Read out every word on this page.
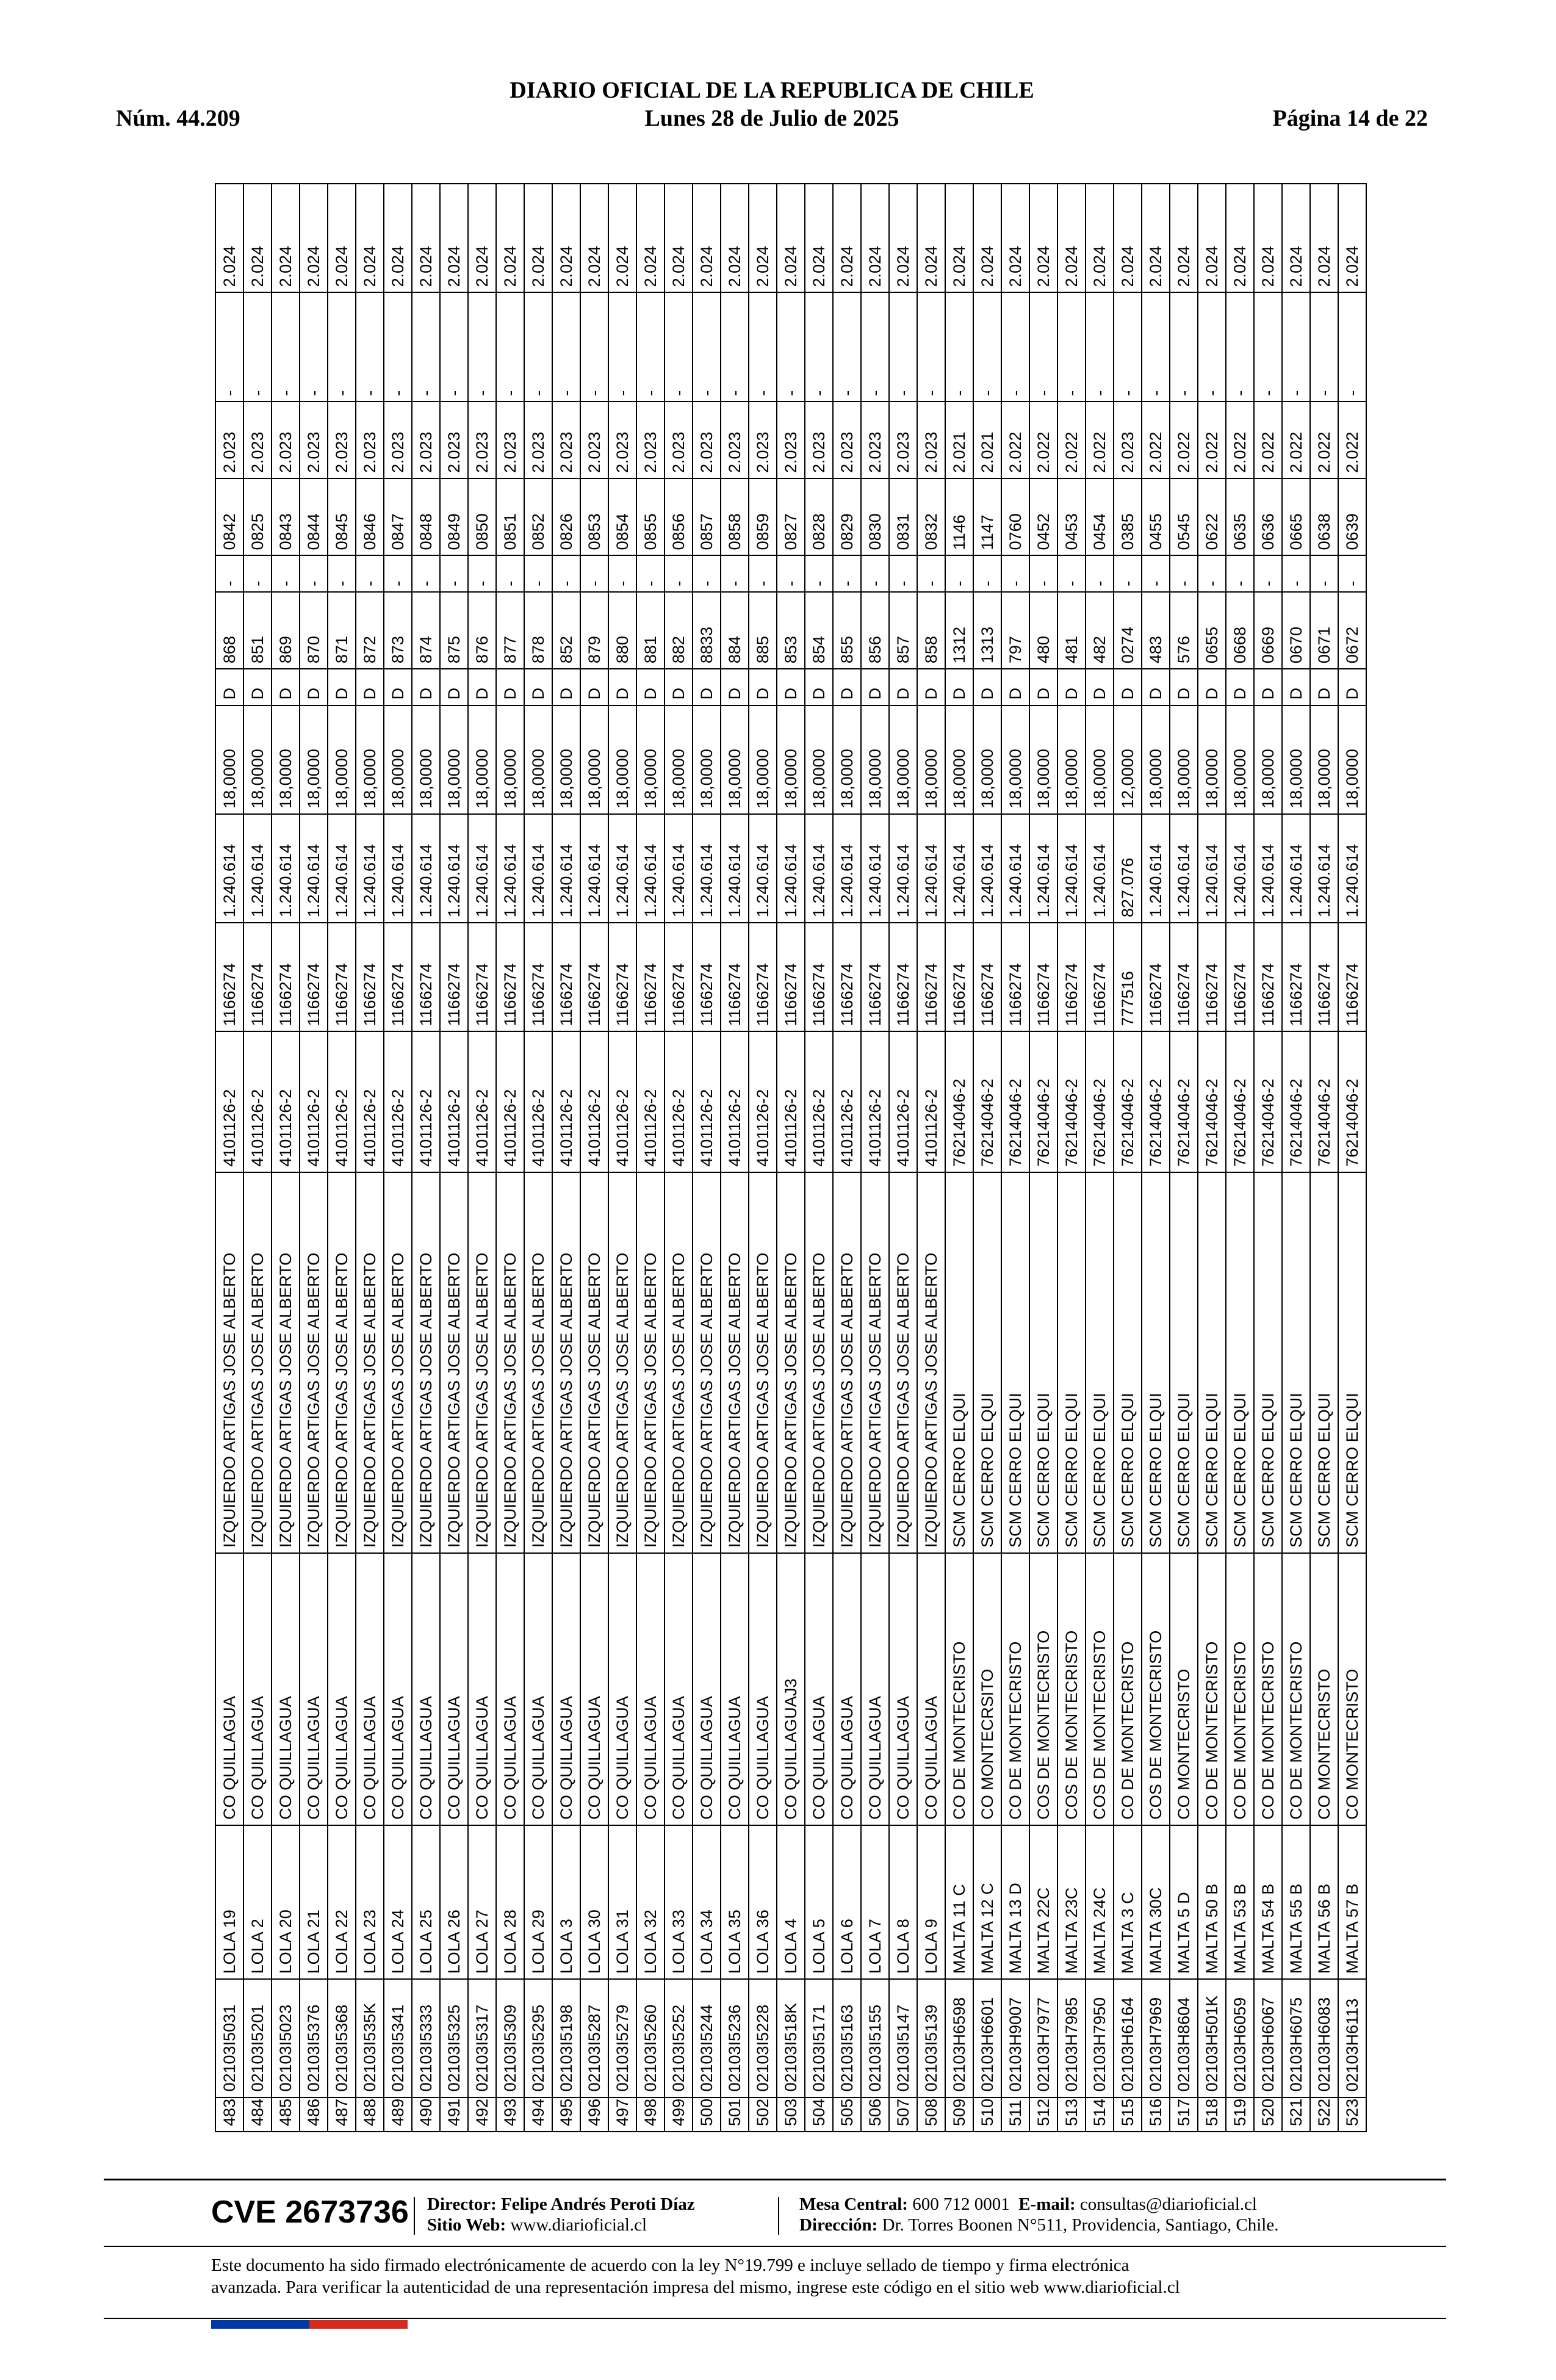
DIARIO OFICIAL DE LA REPUBLICA DE CHILE
Núm. 44.209	Lunes 28 de Julio de 2025	Página 14 de 22
483	02103I5031	LOLA 19	CO QUILLAGUA	IZQUIERDO ARTIGAS JOSE ALBERTO	4101126-2	1166274	1.240.614	18,0000	D	868	-	0842	2.023	-	2.024
484	02103I5201	LOLA 2	CO QUILLAGUA	IZQUIERDO ARTIGAS JOSE ALBERTO	4101126-2	1166274	1.240.614	18,0000	D	851	-	0825	2.023	-	2.024
485	02103I5023	LOLA 20	CO QUILLAGUA	IZQUIERDO ARTIGAS JOSE ALBERTO	4101126-2	1166274	1.240.614	18,0000	D	869	-	0843	2.023	-	2.024
486	02103I5376	LOLA 21	CO QUILLAGUA	IZQUIERDO ARTIGAS JOSE ALBERTO	4101126-2	1166274	1.240.614	18,0000	D	870	-	0844	2.023	-	2.024
487	02103I5368	LOLA 22	CO QUILLAGUA	IZQUIERDO ARTIGAS JOSE ALBERTO	4101126-2	1166274	1.240.614	18,0000	D	871	-	0845	2.023	-	2.024
488	02103I535K	LOLA 23	CO QUILLAGUA	IZQUIERDO ARTIGAS JOSE ALBERTO	4101126-2	1166274	1.240.614	18,0000	D	872	-	0846	2.023	-	2.024
489	02103I5341	LOLA 24	CO QUILLAGUA	IZQUIERDO ARTIGAS JOSE ALBERTO	4101126-2	1166274	1.240.614	18,0000	D	873	-	0847	2.023	-	2.024
490	02103I5333	LOLA 25	CO QUILLAGUA	IZQUIERDO ARTIGAS JOSE ALBERTO	4101126-2	1166274	1.240.614	18,0000	D	874	-	0848	2.023	-	2.024
491	02103I5325	LOLA 26	CO QUILLAGUA	IZQUIERDO ARTIGAS JOSE ALBERTO	4101126-2	1166274	1.240.614	18,0000	D	875	-	0849	2.023	-	2.024
492	02103I5317	LOLA 27	CO QUILLAGUA	IZQUIERDO ARTIGAS JOSE ALBERTO	4101126-2	1166274	1.240.614	18,0000	D	876	-	0850	2.023	-	2.024
493	02103I5309	LOLA 28	CO QUILLAGUA	IZQUIERDO ARTIGAS JOSE ALBERTO	4101126-2	1166274	1.240.614	18,0000	D	877	-	0851	2.023	-	2.024
494	02103I5295	LOLA 29	CO QUILLAGUA	IZQUIERDO ARTIGAS JOSE ALBERTO	4101126-2	1166274	1.240.614	18,0000	D	878	-	0852	2.023	-	2.024
495	02103I5198	LOLA 3	CO QUILLAGUA	IZQUIERDO ARTIGAS JOSE ALBERTO	4101126-2	1166274	1.240.614	18,0000	D	852	-	0826	2.023	-	2.024
496	02103I5287	LOLA 30	CO QUILLAGUA	IZQUIERDO ARTIGAS JOSE ALBERTO	4101126-2	1166274	1.240.614	18,0000	D	879	-	0853	2.023	-	2.024
497	02103I5279	LOLA 31	CO QUILLAGUA	IZQUIERDO ARTIGAS JOSE ALBERTO	4101126-2	1166274	1.240.614	18,0000	D	880	-	0854	2.023	-	2.024
498	02103I5260	LOLA 32	CO QUILLAGUA	IZQUIERDO ARTIGAS JOSE ALBERTO	4101126-2	1166274	1.240.614	18,0000	D	881	-	0855	2.023	-	2.024
499	02103I5252	LOLA 33	CO QUILLAGUA	IZQUIERDO ARTIGAS JOSE ALBERTO	4101126-2	1166274	1.240.614	18,0000	D	882	-	0856	2.023	-	2.024
500	02103I5244	LOLA 34	CO QUILLAGUA	IZQUIERDO ARTIGAS JOSE ALBERTO	4101126-2	1166274	1.240.614	18,0000	D	8833	-	0857	2.023	-	2.024
501	02103I5236	LOLA 35	CO QUILLAGUA	IZQUIERDO ARTIGAS JOSE ALBERTO	4101126-2	1166274	1.240.614	18,0000	D	884	-	0858	2.023	-	2.024
502	02103I5228	LOLA 36	CO QUILLAGUA	IZQUIERDO ARTIGAS JOSE ALBERTO	4101126-2	1166274	1.240.614	18,0000	D	885	-	0859	2.023	-	2.024
503	02103I518K	LOLA 4	CO QUILLAGUAJ3	IZQUIERDO ARTIGAS JOSE ALBERTO	4101126-2	1166274	1.240.614	18,0000	D	853	-	0827	2.023	-	2.024
504	02103I5171	LOLA 5	CO QUILLAGUA	IZQUIERDO ARTIGAS JOSE ALBERTO	4101126-2	1166274	1.240.614	18,0000	D	854	-	0828	2.023	-	2.024
505	02103I5163	LOLA 6	CO QUILLAGUA	IZQUIERDO ARTIGAS JOSE ALBERTO	4101126-2	1166274	1.240.614	18,0000	D	855	-	0829	2.023	-	2.024
506	02103I5155	LOLA 7	CO QUILLAGUA	IZQUIERDO ARTIGAS JOSE ALBERTO	4101126-2	1166274	1.240.614	18,0000	D	856	-	0830	2.023	-	2.024
507	02103I5147	LOLA 8	CO QUILLAGUA	IZQUIERDO ARTIGAS JOSE ALBERTO	4101126-2	1166274	1.240.614	18,0000	D	857	-	0831	2.023	-	2.024
508	02103I5139	LOLA 9	CO QUILLAGUA	IZQUIERDO ARTIGAS JOSE ALBERTO	4101126-2	1166274	1.240.614	18,0000	D	858	-	0832	2.023	-	2.024
509	02103H6598	MALTA 11 C	CO DE MONTECRISTO	SCM CERRO ELQUI	76214046-2	1166274	1.240.614	18,0000	D	1312	-	1146	2.021	-	2.024
510	02103H6601	MALTA 12 C	CO MONTECRSITO	SCM CERRO ELQUI	76214046-2	1166274	1.240.614	18,0000	D	1313	-	1147	2.021	-	2.024
511	02103H9007	MALTA 13 D	CO DE MONTECRISTO	SCM CERRO ELQUI	76214046-2	1166274	1.240.614	18,0000	D	797	-	0760	2.022	-	2.024
512	02103H7977	MALTA 22C	COS DE MONTECRISTO	SCM CERRO ELQUI	76214046-2	1166274	1.240.614	18,0000	D	480	-	0452	2.022	-	2.024
513	02103H7985	MALTA 23C	COS DE MONTECRISTO	SCM CERRO ELQUI	76214046-2	1166274	1.240.614	18,0000	D	481	-	0453	2.022	-	2.024
514	02103H7950	MALTA 24C	COS DE MONTECRISTO	SCM CERRO ELQUI	76214046-2	1166274	1.240.614	18,0000	D	482	-	0454	2.022	-	2.024
515	02103H6164	MALTA 3 C	CO DE MONTECRISTO	SCM CERRO ELQUI	76214046-2	777516	827.076	12,0000	D	0274	-	0385	2.023	-	2.024
516	02103H7969	MALTA 30C	COS DE MONTECRISTO	SCM CERRO ELQUI	76214046-2	1166274	1.240.614	18,0000	D	483	-	0455	2.022	-	2.024
517	02103H8604	MALTA 5 D	CO MONTECRISTO	SCM CERRO ELQUI	76214046-2	1166274	1.240.614	18,0000	D	576	-	0545	2.022	-	2.024
518	02103H501K	MALTA 50 B	CO DE MONTECRISTO	SCM CERRO ELQUI	76214046-2	1166274	1.240.614	18,0000	D	0655	-	0622	2.022	-	2.024
519	02103H6059	MALTA 53 B	CO DE MONTECRISTO	SCM CERRO ELQUI	76214046-2	1166274	1.240.614	18,0000	D	0668	-	0635	2.022	-	2.024
520	02103H6067	MALTA 54 B	CO DE MONTECRISTO	SCM CERRO ELQUI	76214046-2	1166274	1.240.614	18,0000	D	0669	-	0636	2.022	-	2.024
521	02103H6075	MALTA 55 B	CO DE MONTECRISTO	SCM CERRO ELQUI	76214046-2	1166274	1.240.614	18,0000	D	0670	-	0665	2.022	-	2.024
522	02103H6083	MALTA 56 B	CO MONTECRISTO	SCM CERRO ELQUI	76214046-2	1166274	1.240.614	18,0000	D	0671	-	0638	2.022	-	2.024
523	02103H6113	MALTA 57 B	CO MONTECRISTO	SCM CERRO ELQUI	76214046-2	1166274	1.240.614	18,0000	D	0672	-	0639	2.022	-	2.024
CVE 2673736 Director: Felipe Andrés Peroti Díaz
Sitio Web: www.diarioficial.cl
Mesa Central: 600 712 0001 E-mail: consultas@diarioficial.cl
Dirección: Dr. Torres Boonen N°511, Providencia, Santiago, Chile.
Este documento ha sido firmado electrónicamente de acuerdo con la ley N°19.799 e incluye sellado de tiempo y firma electrónica
avanzada. Para verificar la autenticidad de una representación impresa del mismo, ingrese este código en el sitio web www.diarioficial.cl
